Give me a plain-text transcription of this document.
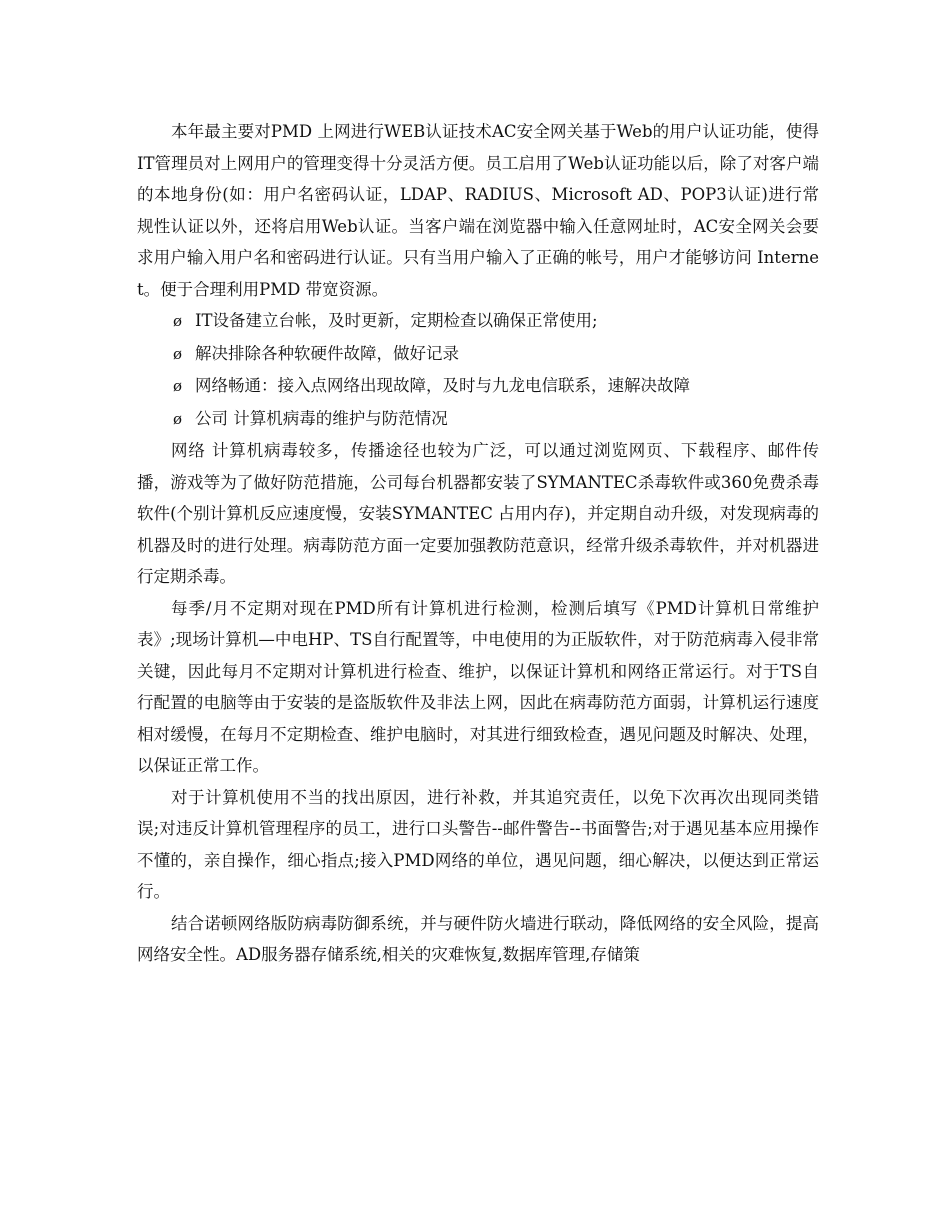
本年最主要对PMD 上网进行WEB认证技术AC安全网关基于Web的用户认证功能，使得IT管理员对上网用户的管理变得十分灵活方便。员工启用了Web认证功能以后，除了对客户端的本地身份(如：用户名密码认证，LDAP、RADIUS、Microsoft AD、POP3认证)进行常规性认证以外，还将启用Web认证。当客户端在浏览器中输入任意网址时，AC安全网关会要求用户输入用户名和密码进行认证。只有当用户输入了正确的帐号，用户才能够访问 Internet。便于合理利用PMD 带宽资源。

ø IT设备建立台帐，及时更新，定期检查以确保正常使用;
ø 解决排除各种软硬件故障，做好记录
ø 网络畅通：接入点网络出现故障，及时与九龙电信联系，速解决故障
ø 公司 计算机病毒的维护与防范情况

网络 计算机病毒较多，传播途径也较为广泛，可以通过浏览网页、下载程序、邮件传播，游戏等为了做好防范措施，公司每台机器都安装了SYMANTEC杀毒软件或360免费杀毒软件(个别计算机反应速度慢，安装SYMANTEC 占用内存)，并定期自动升级，对发现病毒的机器及时的进行处理。病毒防范方面一定要加强教防范意识，经常升级杀毒软件，并对机器进行定期杀毒。

每季/月不定期对现在PMD所有计算机进行检测，检测后填写《PMD计算机日常维护表》;现场计算机—中电HP、TS自行配置等，中电使用的为正版软件，对于防范病毒入侵非常关键，因此每月不定期对计算机进行检查、维护，以保证计算机和网络正常运行。对于TS自行配置的电脑等由于安装的是盗版软件及非法上网，因此在病毒防范方面弱，计算机运行速度相对缓慢，在每月不定期检查、维护电脑时，对其进行细致检查，遇见问题及时解决、处理，以保证正常工作。

对于计算机使用不当的找出原因，进行补救，并其追究责任，以免下次再次出现同类错误;对违反计算机管理程序的员工，进行口头警告--邮件警告--书面警告;对于遇见基本应用操作不懂的，亲自操作，细心指点;接入PMD网络的单位，遇见问题，细心解决，以便达到正常运行。

结合诺顿网络版防病毒防御系统，并与硬件防火墙进行联动，降低网络的安全风险，提高网络安全性。AD服务器存储系统,相关的灾难恢复,数据库管理,存储策
